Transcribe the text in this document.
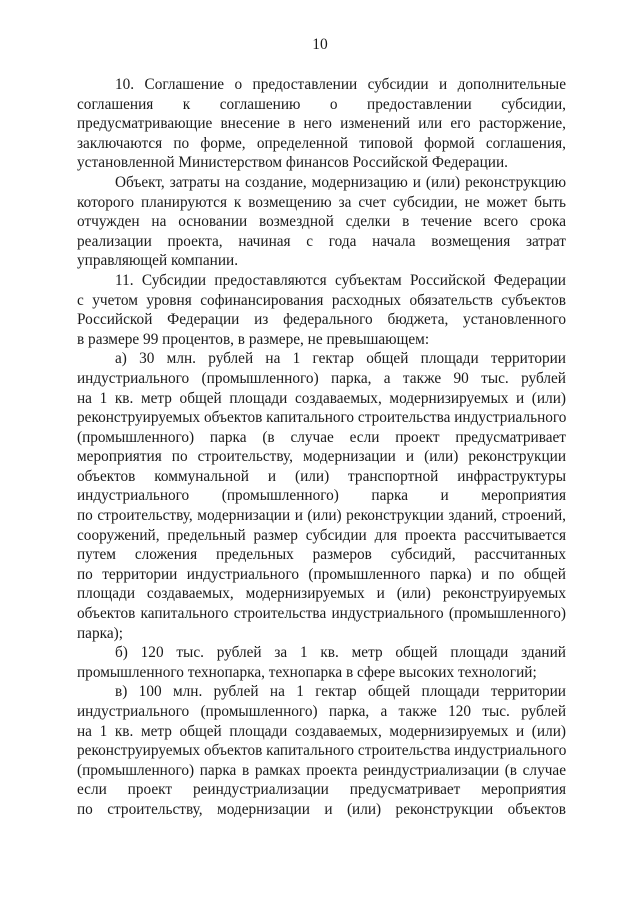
10
10. Соглашение о предоставлении субсидии и дополнительные
соглашения к соглашению о предоставлении субсидии,
предусматривающие внесение в него изменений или его расторжение,
заключаются по форме, определенной типовой формой соглашения,
установленной Министерством финансов Российской Федерации.
Объект, затраты на создание, модернизацию и (или) реконструкцию
которого планируются к возмещению за счет субсидии, не может быть
отчужден на основании возмездной сделки в течение всего срока
реализации проекта, начиная с года начала возмещения затрат
управляющей компании.
11. Субсидии предоставляются субъектам Российской Федерации
с учетом уровня софинансирования расходных обязательств субъектов
Российской Федерации из федерального бюджета, установленного
в размере 99 процентов, в размере, не превышающем:
а) 30 млн. рублей на 1 гектар общей площади территории
индустриального (промышленного) парка, а также 90 тыс. рублей
на 1 кв. метр общей площади создаваемых, модернизируемых и (или)
реконструируемых объектов капитального строительства индустриального
(промышленного) парка (в случае если проект предусматривает
мероприятия по строительству, модернизации и (или) реконструкции
объектов коммунальной и (или) транспортной инфраструктуры
индустриального (промышленного) парка и мероприятия
по строительству, модернизации и (или) реконструкции зданий, строений,
сооружений, предельный размер субсидии для проекта рассчитывается
путем сложения предельных размеров субсидий, рассчитанных
по территории индустриального (промышленного парка) и по общей
площади создаваемых, модернизируемых и (или) реконструируемых
объектов капитального строительства индустриального (промышленного)
парка);
б) 120 тыс. рублей за 1 кв. метр общей площади зданий
промышленного технопарка, технопарка в сфере высоких технологий;
в) 100 млн. рублей на 1 гектар общей площади территории
индустриального (промышленного) парка, а также 120 тыс. рублей
на 1 кв. метр общей площади создаваемых, модернизируемых и (или)
реконструируемых объектов капитального строительства индустриального
(промышленного) парка в рамках проекта реиндустриализации (в случае
если проект реиндустриализации предусматривает мероприятия
по строительству, модернизации и (или) реконструкции объектов
